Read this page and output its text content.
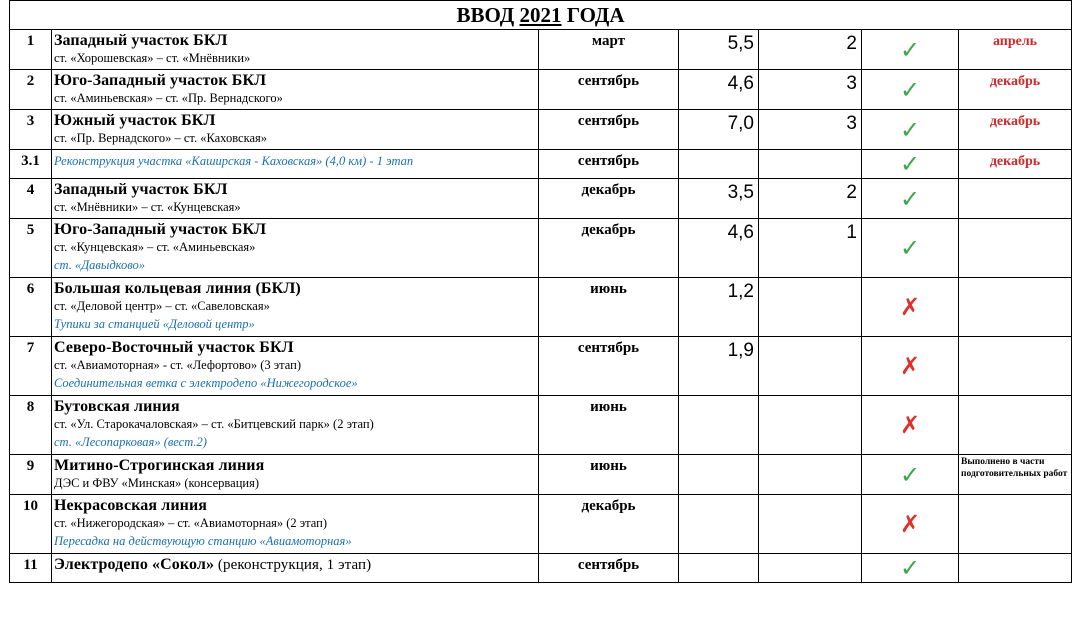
ВВОД 2021 ГОДА						
1	Западный участок БКЛ
ст. «Хорошевская» – ст. «Мнёвники»	март	5,5	2	✓	апрель
2	Юго-Западный участок БКЛ
ст. «Аминьевская» – ст. «Пр. Вернадского»	сентябрь	4,6	3	✓	декабрь
3	Южный участок БКЛ
ст. «Пр. Вернадского» – ст. «Каховская»	сентябрь	7,0	3	✓	декабрь
3.1	Реконструкция участка «Каширская - Каховская» (4,0 км) - 1 этап	сентябрь			✓	декабрь
4	Западный участок БКЛ
ст. «Мнёвники» – ст. «Кунцевская»	декабрь	3,5	2	✓	
5	Юго-Западный участок БКЛ
ст. «Кунцевская» – ст. «Аминьевская»
ст. «Давыдково»	декабрь	4,6	1	✓	
6	Большая кольцевая линия (БКЛ)
ст. «Деловой центр» – ст. «Савеловская»
Тупики за станцией «Деловой центр»	июнь	1,2		✗	
7	Северо-Восточный участок БКЛ
ст. «Авиамоторная» - ст. «Лефортово» (3 этап)
Соединительная ветка с электродепо «Нижегородское»	сентябрь	1,9		✗	
8	Бутовская линия
ст. «Ул. Старокачаловская» – ст. «Битцевский парк» (2 этап)
ст. «Лесопарковая» (вест.2)	июнь			✗	
9	Митино-Строгинская линия
ДЭС и ФВУ «Минская» (консервация)	июнь			✓	Выполнено в части подготовительных работ
10	Некрасовская линия
ст. «Нижегородская» – ст. «Авиамоторная» (2 этап)
Пересадка на действующую станцию «Авиамоторная»	декабрь			✗	
11	Электродепо «Сокол» (реконструкция, 1 этап)	сентябрь			✓	
